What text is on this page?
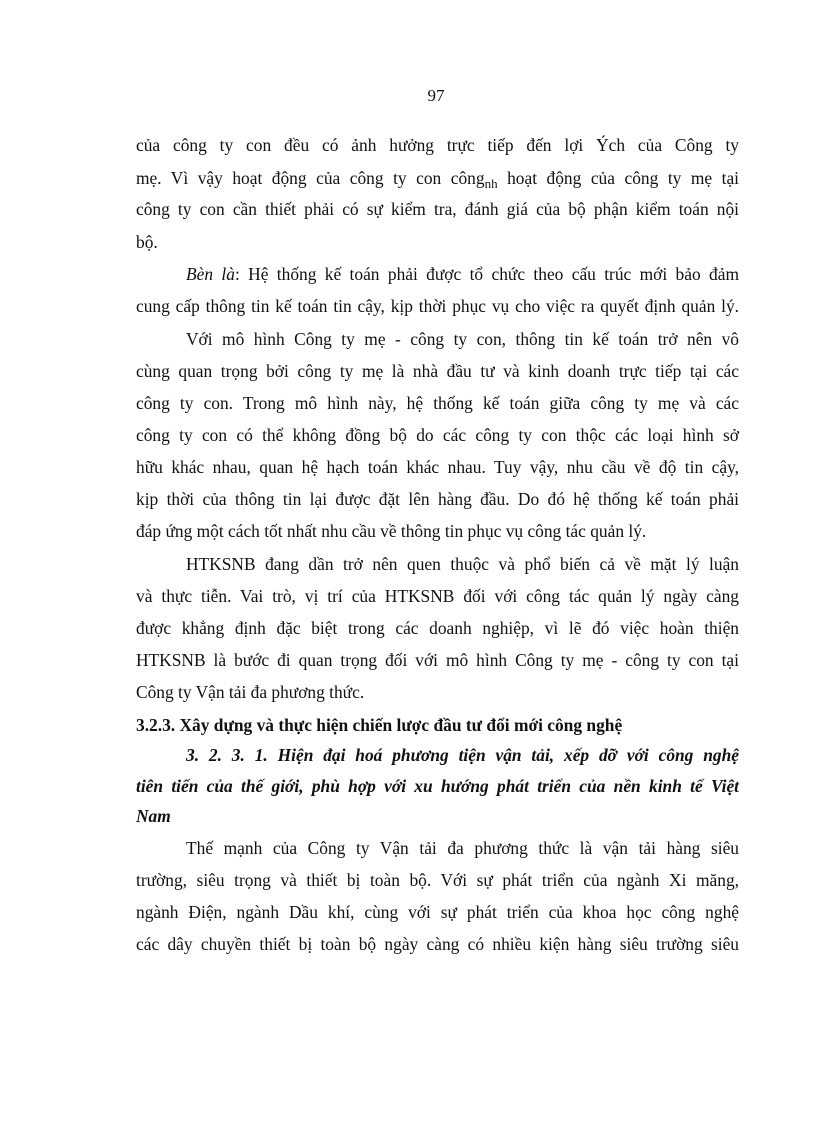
97

của công ty con đều có ảnh hưởng trực tiếp đến lợi Ých của Công ty

mẹ. Vì vậy hoạt động của công ty con công$_{nh}$ hoạt động của công ty mẹ tại

công ty con cần thiết phải có sự kiểm tra, đánh giá của bộ phận kiểm toán nội

bộ.

Bèn là: Hệ thống kế toán phải được tổ chức theo cấu trúc mới bảo đảm

cung cấp thông tin kế toán tin cậy, kịp thời phục vụ cho việc ra quyết định quản lý.

Với mô hình Công ty mẹ - công ty con, thông tin kế toán trở nên vô

cùng quan trọng bởi công ty mẹ là nhà đầu tư và kinh doanh trực tiếp tại các

công ty con. Trong mô hình này, hệ thống kế toán giữa công ty mẹ và các

công ty con có thể không đồng bộ do các công ty con thộc các loại hình sở

hữu khác nhau, quan hệ hạch toán khác nhau. Tuy vậy, nhu cầu về độ tin cậy,

kịp thời của thông tin lại được đặt lên hàng đầu. Do đó hệ thống kế toán phải

đáp ứng một cách tốt nhất nhu cầu về thông tin phục vụ công tác quản lý.

HTKSNB đang dần trở nên quen thuộc và phổ biến cả về mặt lý luận

và thực tiễn. Vai trò, vị trí của HTKSNB đối với công tác quản lý ngày càng

được khẳng định đặc biệt trong các doanh nghiệp, vì lẽ đó việc hoàn thiện

HTKSNB là bước đi quan trọng đối với mô hình Công ty mẹ - công ty con tại

Công ty Vận tải đa phương thức.

3.2.3. Xây dựng và thực hiện chiến lược đầu tư đổi mới công nghệ

3. 2. 3. 1. Hiện đại hoá phương tiện vận tải, xếp dỡ với công nghệ

tiên tiến của thế giới, phù hợp với xu hướng phát triển của nền kinh tế Việt

Nam

Thế mạnh của Công ty Vận tải đa phương thức là vận tải hàng siêu

trường, siêu trọng và thiết bị toàn bộ. Với sự phát triển của ngành Xi măng,

ngành Điện, ngành Dầu khí, cùng với sự phát triển của khoa học công nghệ

các dây chuyền thiết bị toàn bộ ngày càng có nhiều kiện hàng siêu trường siêu
